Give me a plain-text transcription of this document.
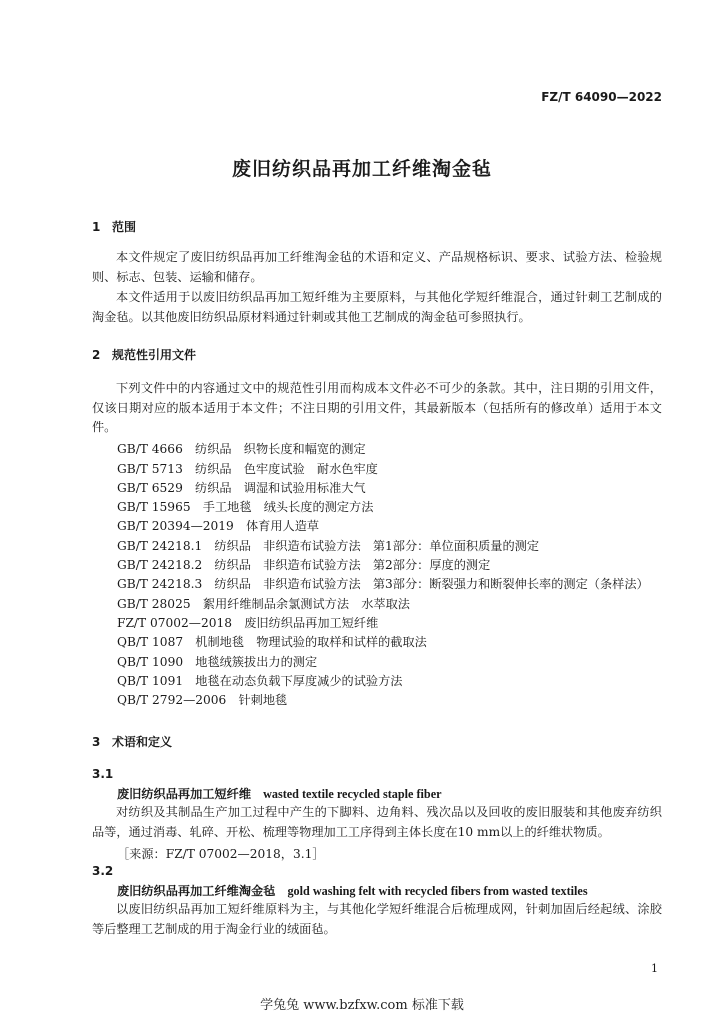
FZ/T 64090—2022
废旧纺织品再加工纤维淘金毡
1 范围
本文件规定了废旧纺织品再加工纤维淘金毡的术语和定义、产品规格标识、要求、试验方法、检验规则、标志、包装、运输和储存。
本文件适用于以废旧纺织品再加工短纤维为主要原料，与其他化学短纤维混合，通过针刺工艺制成的淘金毡。以其他废旧纺织品原材料通过针刺或其他工艺制成的淘金毡可参照执行。
2 规范性引用文件
下列文件中的内容通过文中的规范性引用而构成本文件必不可少的条款。其中，注日期的引用文件，仅该日期对应的版本适用于本文件；不注日期的引用文件，其最新版本（包括所有的修改单）适用于本文件。
GB/T 4666　纺织品　织物长度和幅宽的测定
GB/T 5713　纺织品　色牢度试验　耐水色牢度
GB/T 6529　纺织品　调湿和试验用标准大气
GB/T 15965　手工地毯　绒头长度的测定方法
GB/T 20394—2019　体育用人造草
GB/T 24218.1　纺织品　非织造布试验方法　第1部分：单位面积质量的测定
GB/T 24218.2　纺织品　非织造布试验方法　第2部分：厚度的测定
GB/T 24218.3　纺织品　非织造布试验方法　第3部分：断裂强力和断裂伸长率的测定（条样法）
GB/T 28025　絮用纤维制品余氯测试方法　水萃取法
FZ/T 07002—2018　废旧纺织品再加工短纤维
QB/T 1087　机制地毯　物理试验的取样和试样的截取法
QB/T 1090　地毯绒簇拔出力的测定
QB/T 1091　地毯在动态负载下厚度减少的试验方法
QB/T 2792—2006　针刺地毯
3 术语和定义
3.1
废旧纺织品再加工短纤维 wasted textile recycled staple fiber
对纺织及其制品生产加工过程中产生的下脚料、边角料、残次品以及回收的废旧服装和其他废弃纺织品等，通过消毒、轧碎、开松、梳理等物理加工工序得到主体长度在10 mm以上的纤维状物质。
［来源：FZ/T 07002—2018，3.1］
3.2
废旧纺织品再加工纤维淘金毡 gold washing felt with recycled fibers from wasted textiles
以废旧纺织品再加工短纤维原料为主，与其他化学短纤维混合后梳理成网，针刺加固后经起绒、涂胶等后整理工艺制成的用于淘金行业的绒面毡。
1
学兔兔 www.bzfxw.com 标准下载
